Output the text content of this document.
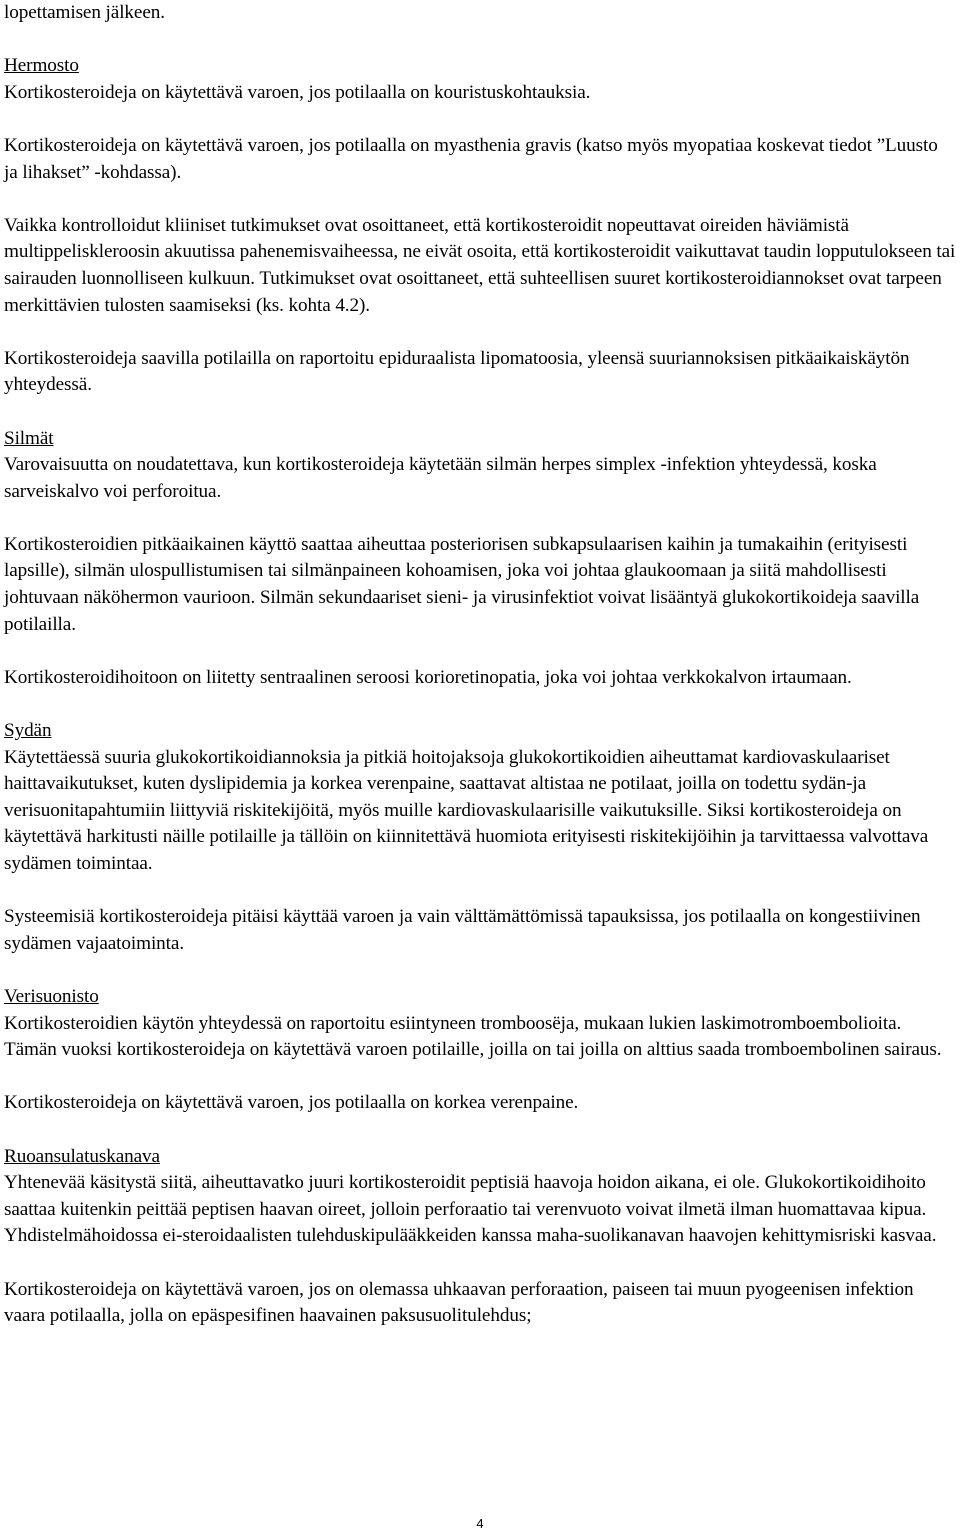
lopettamisen jälkeen.

Hermosto
Kortikosteroideja on käytettävä varoen, jos potilaalla on kouristuskohtauksia.

Kortikosteroideja on käytettävä varoen, jos potilaalla on myasthenia gravis (katso myös myopatiaa koskevat tiedot ”Luusto ja lihakset” -kohdassa).

Vaikka kontrolloidut kliiniset tutkimukset ovat osoittaneet, että kortikosteroidit nopeuttavat oireiden häviämistä multippeliskleroosin akuutissa pahenemisvaiheessa, ne eivät osoita, että kortikosteroidit vaikuttavat taudin lopputulokseen tai sairauden luonnolliseen kulkuun. Tutkimukset ovat osoittaneet, että suhteellisen suuret kortikosteroidiannokset ovat tarpeen merkittävien tulosten saamiseksi (ks. kohta 4.2).

Kortikosteroideja saavilla potilailla on raportoitu epiduraalista lipomatoosia, yleensä suuriannoksisen pitkäaikaiskäytön yhteydessä.

Silmät
Varovaisuutta on noudatettava, kun kortikosteroideja käytetään silmän herpes simplex -infektion yhteydessä, koska sarveiskalvo voi perforoitua.

Kortikosteroidien pitkäaikainen käyttö saattaa aiheuttaa posteriorisen subkapsulaarisen kaihin ja tumakaihin (erityisesti lapsille), silmän ulospullistumisen tai silmänpaineen kohoamisen, joka voi johtaa glaukoomaan ja siitä mahdollisesti johtuvaan näköhermon vaurioon. Silmän sekundaariset sieni- ja virusinfektiot voivat lisääntyä glukokortikoideja saavilla potilailla.

Kortikosteroidihoitoon on liitetty sentraalinen seroosi korioretinopatia, joka voi johtaa verkkokalvon irtaumaan.

Sydän
Käytettäessä suuria glukokortikoidiannoksia ja pitkiä hoitojaksoja glukokortikoidien aiheuttamat kardiovaskulaariset haittavaikutukset, kuten dyslipidemia ja korkea verenpaine, saattavat altistaa ne potilaat, joilla on todettu sydän-ja verisuonitapahtumiin liittyviä riskitekijöitä, myös muille kardiovaskulaarisille vaikutuksille. Siksi kortikosteroideja on käytettävä harkitusti näille potilaille ja tällöin on kiinnitettävä huomiota erityisesti riskitekijöihin ja tarvittaessa valvottava sydämen toimintaa.

Systeemisiä kortikosteroideja pitäisi käyttää varoen ja vain välttämättömissä tapauksissa, jos potilaalla on kongestiivinen sydämen vajaatoiminta.

Verisuonisto
Kortikosteroidien käytön yhteydessä on raportoitu esiintyneen tromboosëja, mukaan lukien laskimotromboembolioita. Tämän vuoksi kortikosteroideja on käytettävä varoen potilaille, joilla on tai joilla on alttius saada tromboembolinen sairaus.

Kortikosteroideja on käytettävä varoen, jos potilaalla on korkea verenpaine.

Ruoansulatuskanava
Yhtenevää käsitystä siitä, aiheuttavatko juuri kortikosteroidit peptisiä haavoja hoidon aikana, ei ole. Glukokortikoidihoito saattaa kuitenkin peittää peptisen haavan oireet, jolloin perforaatio tai verenvuoto voivat ilmetä ilman huomattavaa kipua. Yhdistelmähoidossa ei-steroidaalisten tulehduskipulääkkeiden kanssa maha-suolikanavan haavojen kehittymisriski kasvaa.

Kortikosteroideja on käytettävä varoen, jos on olemassa uhkaavan perforaation, paiseen tai muun pyogeenisen infektion vaara potilaalla, jolla on epäspesifinen haavainen paksusuolitulehdus;

4
